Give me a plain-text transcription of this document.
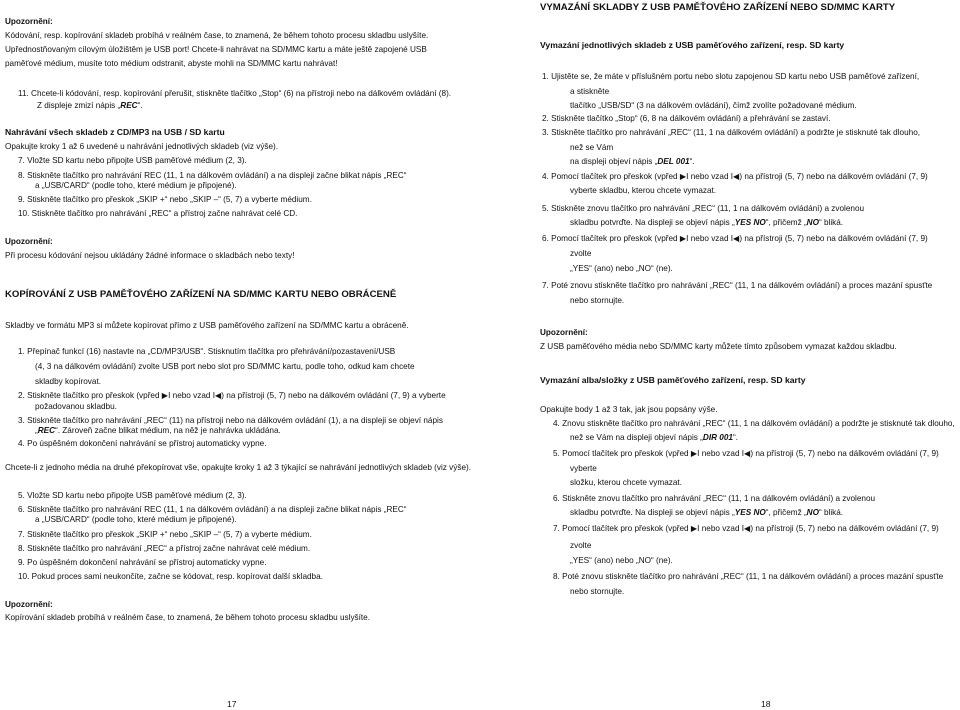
Upozornění:
Kódování, resp. kopírování skladeb probíhá v reálném čase, to znamená, že během tohoto procesu skladbu uslyšíte.
Upřednostňovaným cílovým úložištěm je USB port! Chcete-li nahrávat na SD/MMC kartu a máte ještě zapojené USB
paměťové médium, musíte toto médium odstranit, abyste mohli na SD/MMC kartu nahrávat!
11. Chcete-li kódování, resp. kopírování přerušit, stiskněte tlačítko „Stop“ (6) na přístroji nebo na dálkovém ovládání (8).
Z displeje zmizí nápis „REC“.
Nahrávání všech skladeb z CD/MP3 na USB / SD kartu
Opakujte kroky 1 až 6 uvedené u nahrávání jednotlivých skladeb (viz výše).
7. Vložte SD kartu nebo připojte USB paměťové médium (2, 3).
8. Stiskněte tlačítko pro nahrávání REC (11, 1 na dálkovém ovládání) a na displeji začne blikat nápis „REC“
a „USB/CARD“ (podle toho, které médium je připojené).
9. Stiskněte tlačítko pro přeskok „SKIP +“ nebo „SKIP –“ (5, 7) a vyberte médium.
10. Stiskněte tlačítko pro nahrávání „REC“ a přístroj začne nahrávat celé CD.
Upozornění:
Při procesu kódování nejsou ukládány žádné informace o skladbách nebo texty!
KOPÍROVÁNÍ Z USB PAMĚŤOVÉHO ZAŘÍZENÍ NA SD/MMC KARTU NEBO OBRÁCENĚ
Skladby ve formátu MP3 si můžete kopírovat přímo z USB paměťového zařízení na SD/MMC kartu a obráceně.
1. Přepínač funkcí (16) nastavte na „CD/MP3/USB“. Stisknutím tlačítka pro přehrávání/pozastavení/USB
(4, 3 na dálkovém ovládání) zvolte USB port nebo slot pro SD/MMC kartu, podle toho, odkud kam chcete
skladby kopírovat.
2. Stiskněte tlačítko pro přeskok (vpřed ▶I nebo vzad I◀) na přístroji (5, 7) nebo na dálkovém ovládání (7, 9) a vyberte
požadovanou skladbu.
3. Stiskněte tlačítko pro nahrávání „REC“ (11) na přístroji nebo na dálkovém ovládání (1), a na displeji se objeví nápis
„REC“. Zároveň začne blikat médium, na něž je nahrávka ukládána.
4. Po úspěšném dokončení nahrávání se přístroj automaticky vypne.
Chcete-li z jednoho média na druhé překopírovat vše, opakujte kroky 1 až 3 týkající se nahrávání jednotlivých skladeb (viz výše).
5. Vložte SD kartu nebo připojte USB paměťové médium (2, 3).
6. Stiskněte tlačítko pro nahrávání REC (11, 1 na dálkovém ovládání) a na displeji začne blikat nápis „REC“
a „USB/CARD“ (podle toho, které médium je připojené).
7. Stiskněte tlačítko pro přeskok „SKIP +“ nebo „SKIP –“ (5, 7) a vyberte médium.
8. Stiskněte tlačítko pro nahrávání „REC“ a přístroj začne nahrávat celé médium.
9. Po úspěšném dokončení nahrávání se přístroj automaticky vypne.
10. Pokud proces sami neukončíte, začne se kódovat, resp. kopírovat další skladba.
Upozornění:
Kopírování skladeb probíhá v reálném čase, to znamená, že během tohoto procesu skladbu uslyšíte.
17
VYMAZÁNÍ SKLADBY Z USB PAMĚŤOVÉHO ZAŘÍZENÍ NEBO SD/MMC KARTY
Vymazání jednotlivých skladeb z USB paměťového zařízení, resp. SD karty
1. Ujistěte se, že máte v příslušném portu nebo slotu zapojenou SD kartu nebo USB paměťové zařízení,
a stiskněte
tlačítko „USB/SD“ (3 na dálkovém ovládání), čímž zvolíte požadované médium.
2. Stiskněte tlačítko „Stop“ (6, 8 na dálkovém ovládání) a přehrávání se zastaví.
3. Stiskněte tlačítko pro nahrávání „REC“ (11, 1 na dálkovém ovládání) a podržte je stisknuté tak dlouho,
než se Vám
na displeji objeví nápis „DEL 001“.
4. Pomocí tlačítek pro přeskok (vpřed ▶I nebo vzad I◀) na přístroji (5, 7) nebo na dálkovém ovládání (7, 9)
vyberte skladbu, kterou chcete vymazat.
5. Stiskněte znovu tlačítko pro nahrávání „REC“ (11, 1 na dálkovém ovládání) a zvolenou
skladbu potvrďte. Na displeji se objeví nápis „YES NO“, přičemž „NO“ bliká.
6. Pomocí tlačítek pro přeskok (vpřed ▶I nebo vzad I◀) na přístroji (5, 7) nebo na dálkovém ovládání (7, 9)
zvolte
„YES“ (ano) nebo „NO“ (ne).
7. Poté znovu stiskněte tlačítko pro nahrávání „REC“ (11, 1 na dálkovém ovládání) a proces mazání spusťte
nebo stornujte.
Upozornění:
Z USB paměťového média nebo SD/MMC karty můžete tímto způsobem vymazat každou skladbu.
Vymazání alba/složky z USB paměťového zařízení, resp. SD karty
Opakujte body 1 až 3 tak, jak jsou popsány výše.
4. Znovu stiskněte tlačítko pro nahrávání „REC“ (11, 1 na dálkovém ovládání) a podržte je stisknuté tak dlouho,
než se Vám na displeji objeví nápis „DIR 001“.
5. Pomocí tlačítek pro přeskok (vpřed ▶I nebo vzad I◀) na přístroji (5, 7) nebo na dálkovém ovládání (7, 9)
vyberte
složku, kterou chcete vymazat.
6. Stiskněte znovu tlačítko pro nahrávání „REC“ (11, 1 na dálkovém ovládání) a zvolenou
skladbu potvrďte. Na displeji se objeví nápis „YES NO“, přičemž „NO“ bliká.
7. Pomocí tlačítek pro přeskok (vpřed ▶I nebo vzad I◀) na přístroji (5, 7) nebo na dálkovém ovládání (7, 9)
zvolte
„YES“ (ano) nebo „NO“ (ne).
8. Poté znovu stiskněte tlačítko pro nahrávání „REC“ (11, 1 na dálkovém ovládání) a proces mazání spusťte
nebo stornujte.
18
